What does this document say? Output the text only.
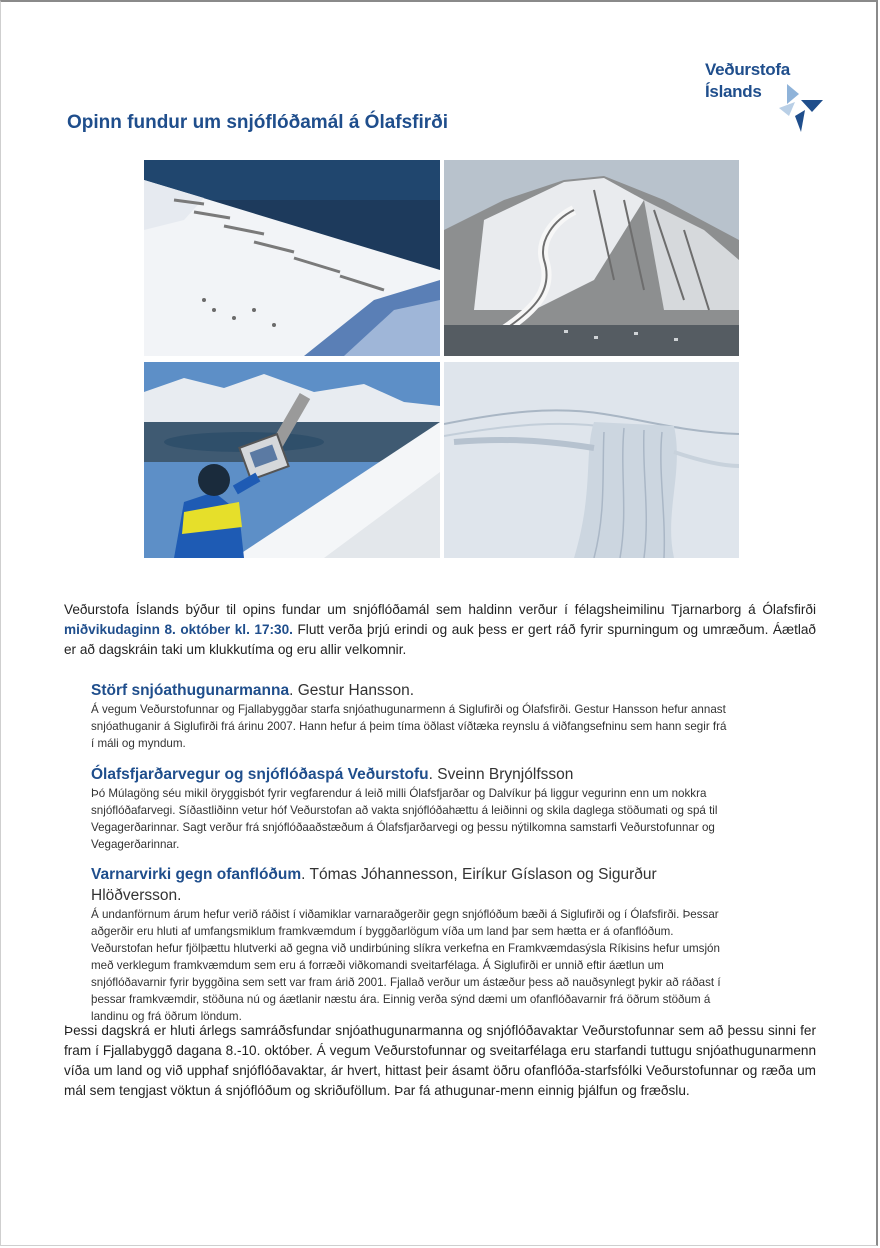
Veðurstofa
Íslands
Opinn fundur um snjóflóðamál á Ólafsfirði
Veðurstofa Íslands býður til opins fundar um snjóflóðamál sem haldinn verður í félagsheimilinu Tjarnarborg á Ólafsfirði miðvikudaginn 8. október kl. 17:30. Flutt verða þrjú erindi og auk þess er gert ráð fyrir spurningum og umræðum. Áætlað er að dagskráin taki um klukkutíma og eru allir velkomnir.
Störf snjóathugunarmanna. Gestur Hansson.
Á vegum Veðurstofunnar og Fjallabyggðar starfa snjóathugunarmenn á Siglufirði og Ólafsfirði. Gestur Hansson hefur annast snjóathuganir á Siglufirði frá árinu 2007. Hann hefur á þeim tíma öðlast víðtæka reynslu á viðfangsefninu sem hann segir frá í máli og myndum.
Ólafsfjarðarvegur og snjóflóðaspá Veðurstofu. Sveinn Brynjólfsson
Þó Múlagöng séu mikil öryggisbót fyrir vegfarendur á leið milli Ólafsfjarðar og Dalvíkur þá liggur vegurinn enn um nokkra snjóflóðafarvegi. Síðastliðinn vetur hóf Veðurstofan að vakta snjóflóðahættu á leiðinni og skila daglega stöðumati og spá til Vegagerðarinnar. Sagt verður frá snjóflóðaaðstæðum á Ólafsfjarðarvegi og þessu nýtilkomna samstarfi Veðurstofunnar og Vegagerðarinnar.
Varnarvirki gegn ofanflóðum. Tómas Jóhannesson, Eiríkur Gíslason og Sigurður Hlöðversson.
Á undanförnum árum hefur verið ráðist í viðamiklar varnaraðgerðir gegn snjóflóðum bæði á Siglufirði og í Ólafsfirði. Þessar aðgerðir eru hluti af umfangsmiklum framkvæmdum í byggðarlögum víða um land þar sem hætta er á ofanflóðum. Veðurstofan hefur fjölþættu hlutverki að gegna við undirbúning slíkra verkefna en Framkvæmdasýsla Ríkisins hefur umsjón með verklegum framkvæmdum sem eru á forræði viðkomandi sveitarfélaga. Á Siglufirði er unnið eftir áætlun um snjóflóðavarnir fyrir byggðina sem sett var fram árið 2001. Fjallað verður um ástæður þess að nauðsynlegt þykir að ráðast í þessar framkvæmdir, stöðuna nú og áætlanir næstu ára. Einnig verða sýnd dæmi um ofanflóðavarnir frá öðrum stöðum á landinu og frá öðrum löndum.
Þessi dagskrá er hluti árlegs samráðsfundar snjóathugunarmanna og snjóflóðavaktar Veðurstofunnar sem að þessu sinni fer fram í Fjallabyggð dagana 8.-10. október. Á vegum Veðurstofunnar og sveitarfélaga eru starfandi tuttugu snjóathugunarmenn víða um land og við upphaf snjóflóðavaktar, ár hvert, hittast þeir ásamt öðru ofanflóða-starfsfólki Veðurstofunnar og ræða um mál sem tengjast vöktun á snjóflóðum og skriðuföllum. Þar fá athugunar-menn einnig þjálfun og fræðslu.
